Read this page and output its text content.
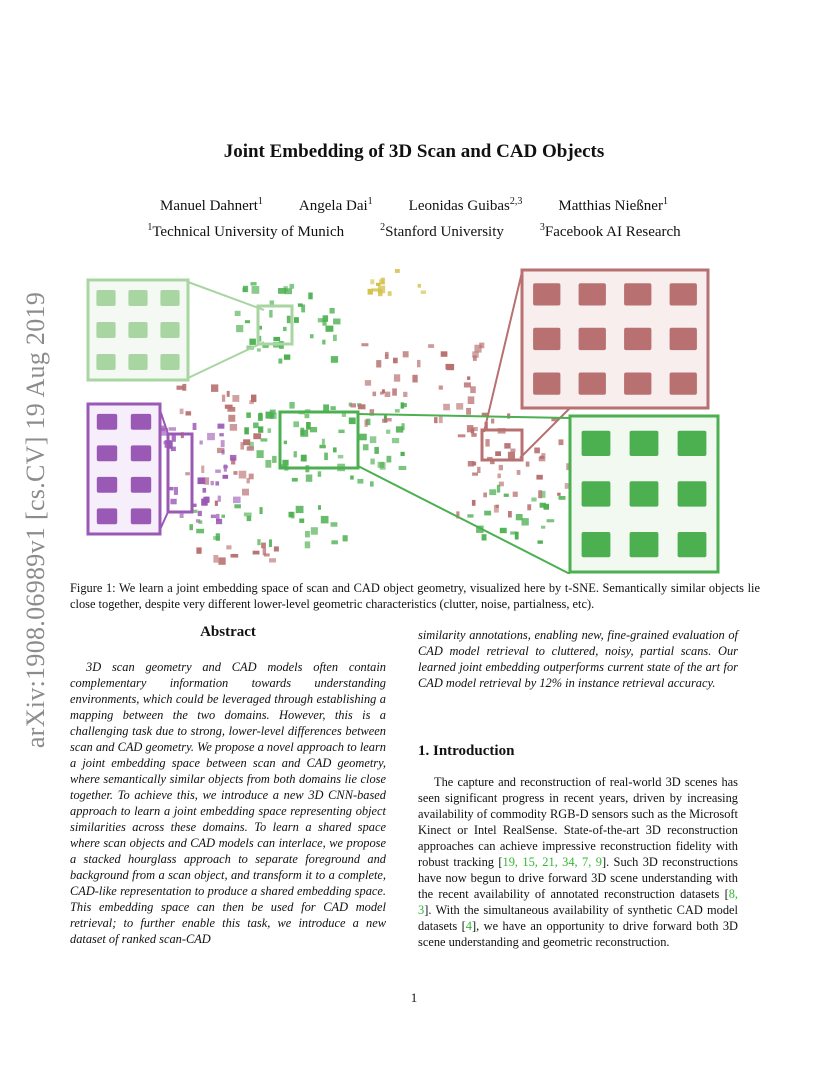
arXiv:1908.06989v1 [cs.CV] 19 Aug 2019
Joint Embedding of 3D Scan and CAD Objects
Manuel Dahnert$^1$ Angela Dai$^1$ Leonidas Guibas$^{2,3}$ Matthias Nießner$^1$
$^1$Technical University of Munich	$^2$Stanford University	$^3$Facebook AI Research
Figure 1: We learn a joint embedding space of scan and CAD object geometry, visualized here by t-SNE. Semantically similar objects lie close together, despite very different lower-level geometric characteristics (clutter, noise, partialness, etc).
Abstract

3D scan geometry and CAD models often contain complementary information towards understanding environments, which could be leveraged through establishing a mapping between the two domains. However, this is a challenging task due to strong, lower-level differences between scan and CAD geometry. We propose a novel approach to learn a joint embedding space between scan and CAD geometry, where semantically similar objects from both domains lie close together. To achieve this, we introduce a new 3D CNN-based approach to learn a joint embedding space representing object similarities across these domains. To learn a shared space where scan objects and CAD models can interlace, we propose a stacked hourglass approach to separate foreground and background from a scan object, and transform it to a complete, CAD-like representation to produce a shared embedding space. This embedding space can then be used for CAD model retrieval; to further enable this task, we introduce a new dataset of ranked scan-CAD

similarity annotations, enabling new, fine-grained evaluation of CAD model retrieval to cluttered, noisy, partial scans. Our learned joint embedding outperforms current state of the art for CAD model retrieval by 12% in instance retrieval accuracy.

1. Introduction

The capture and reconstruction of real-world 3D scenes has seen significant progress in recent years, driven by increasing availability of commodity RGB-D sensors such as the Microsoft Kinect or Intel RealSense. State-of-the-art 3D reconstruction approaches can achieve impressive reconstruction fidelity with robust tracking [19, 15, 21, 34, 7, 9]. Such 3D reconstructions have now begun to drive forward 3D scene understanding with the recent availability of annotated reconstruction datasets [8, 3]. With the simultaneous availability of synthetic CAD model datasets [4], we have an opportunity to drive forward both 3D scene understanding and geometric reconstruction.

1
